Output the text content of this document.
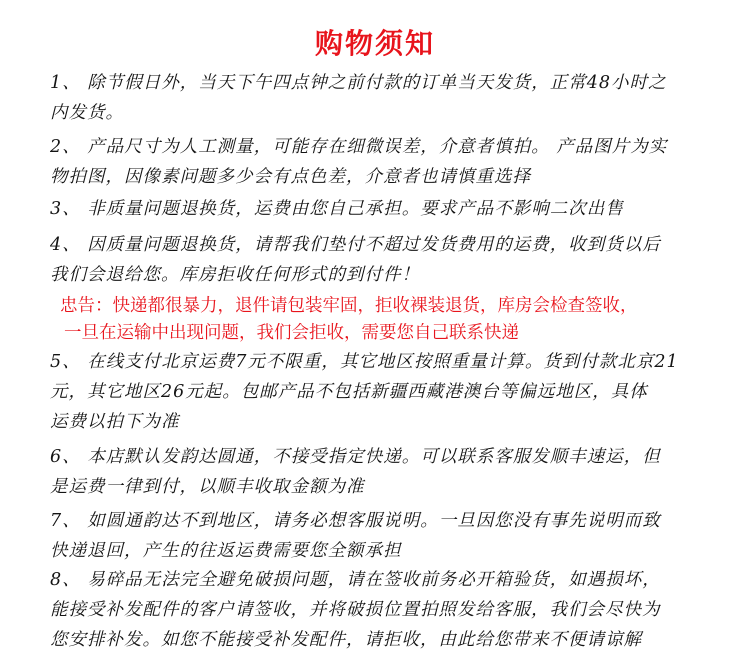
购物须知
1、 除节假日外，当天下午四点钟之前付款的订单当天发货，正常48小时之
内发货。
2、 产品尺寸为人工测量，可能存在细微误差，介意者慎拍。 产品图片为实
物拍图，因像素问题多少会有点色差，介意者也请慎重选择
3、 非质量问题退换货，运费由您自己承担。要求产品不影响二次出售
4、 因质量问题退换货，请帮我们垫付不超过发货费用的运费，收到货以后
我们会退给您。库房拒收任何形式的到付件！
忠告：快递都很暴力，退件请包装牢固，拒收裸装退货，库房会检查签收，
一旦在运输中出现问题，我们会拒收，需要您自己联系快递
5、 在线支付北京运费7元不限重，其它地区按照重量计算。货到付款北京21
元，其它地区26元起。包邮产品不包括新疆西藏港澳台等偏远地区，具体
运费以拍下为准
6、 本店默认发韵达圆通，不接受指定快递。可以联系客服发顺丰速运，但
是运费一律到付，以顺丰收取金额为准
7、 如圆通韵达不到地区，请务必想客服说明。一旦因您没有事先说明而致
快递退回，产生的往返运费需要您全额承担
8、 易碎品无法完全避免破损问题，请在签收前务必开箱验货，如遇损坏，
能接受补发配件的客户请签收，并将破损位置拍照发给客服，我们会尽快为
您安排补发。如您不能接受补发配件，请拒收，由此给您带来不便请谅解
